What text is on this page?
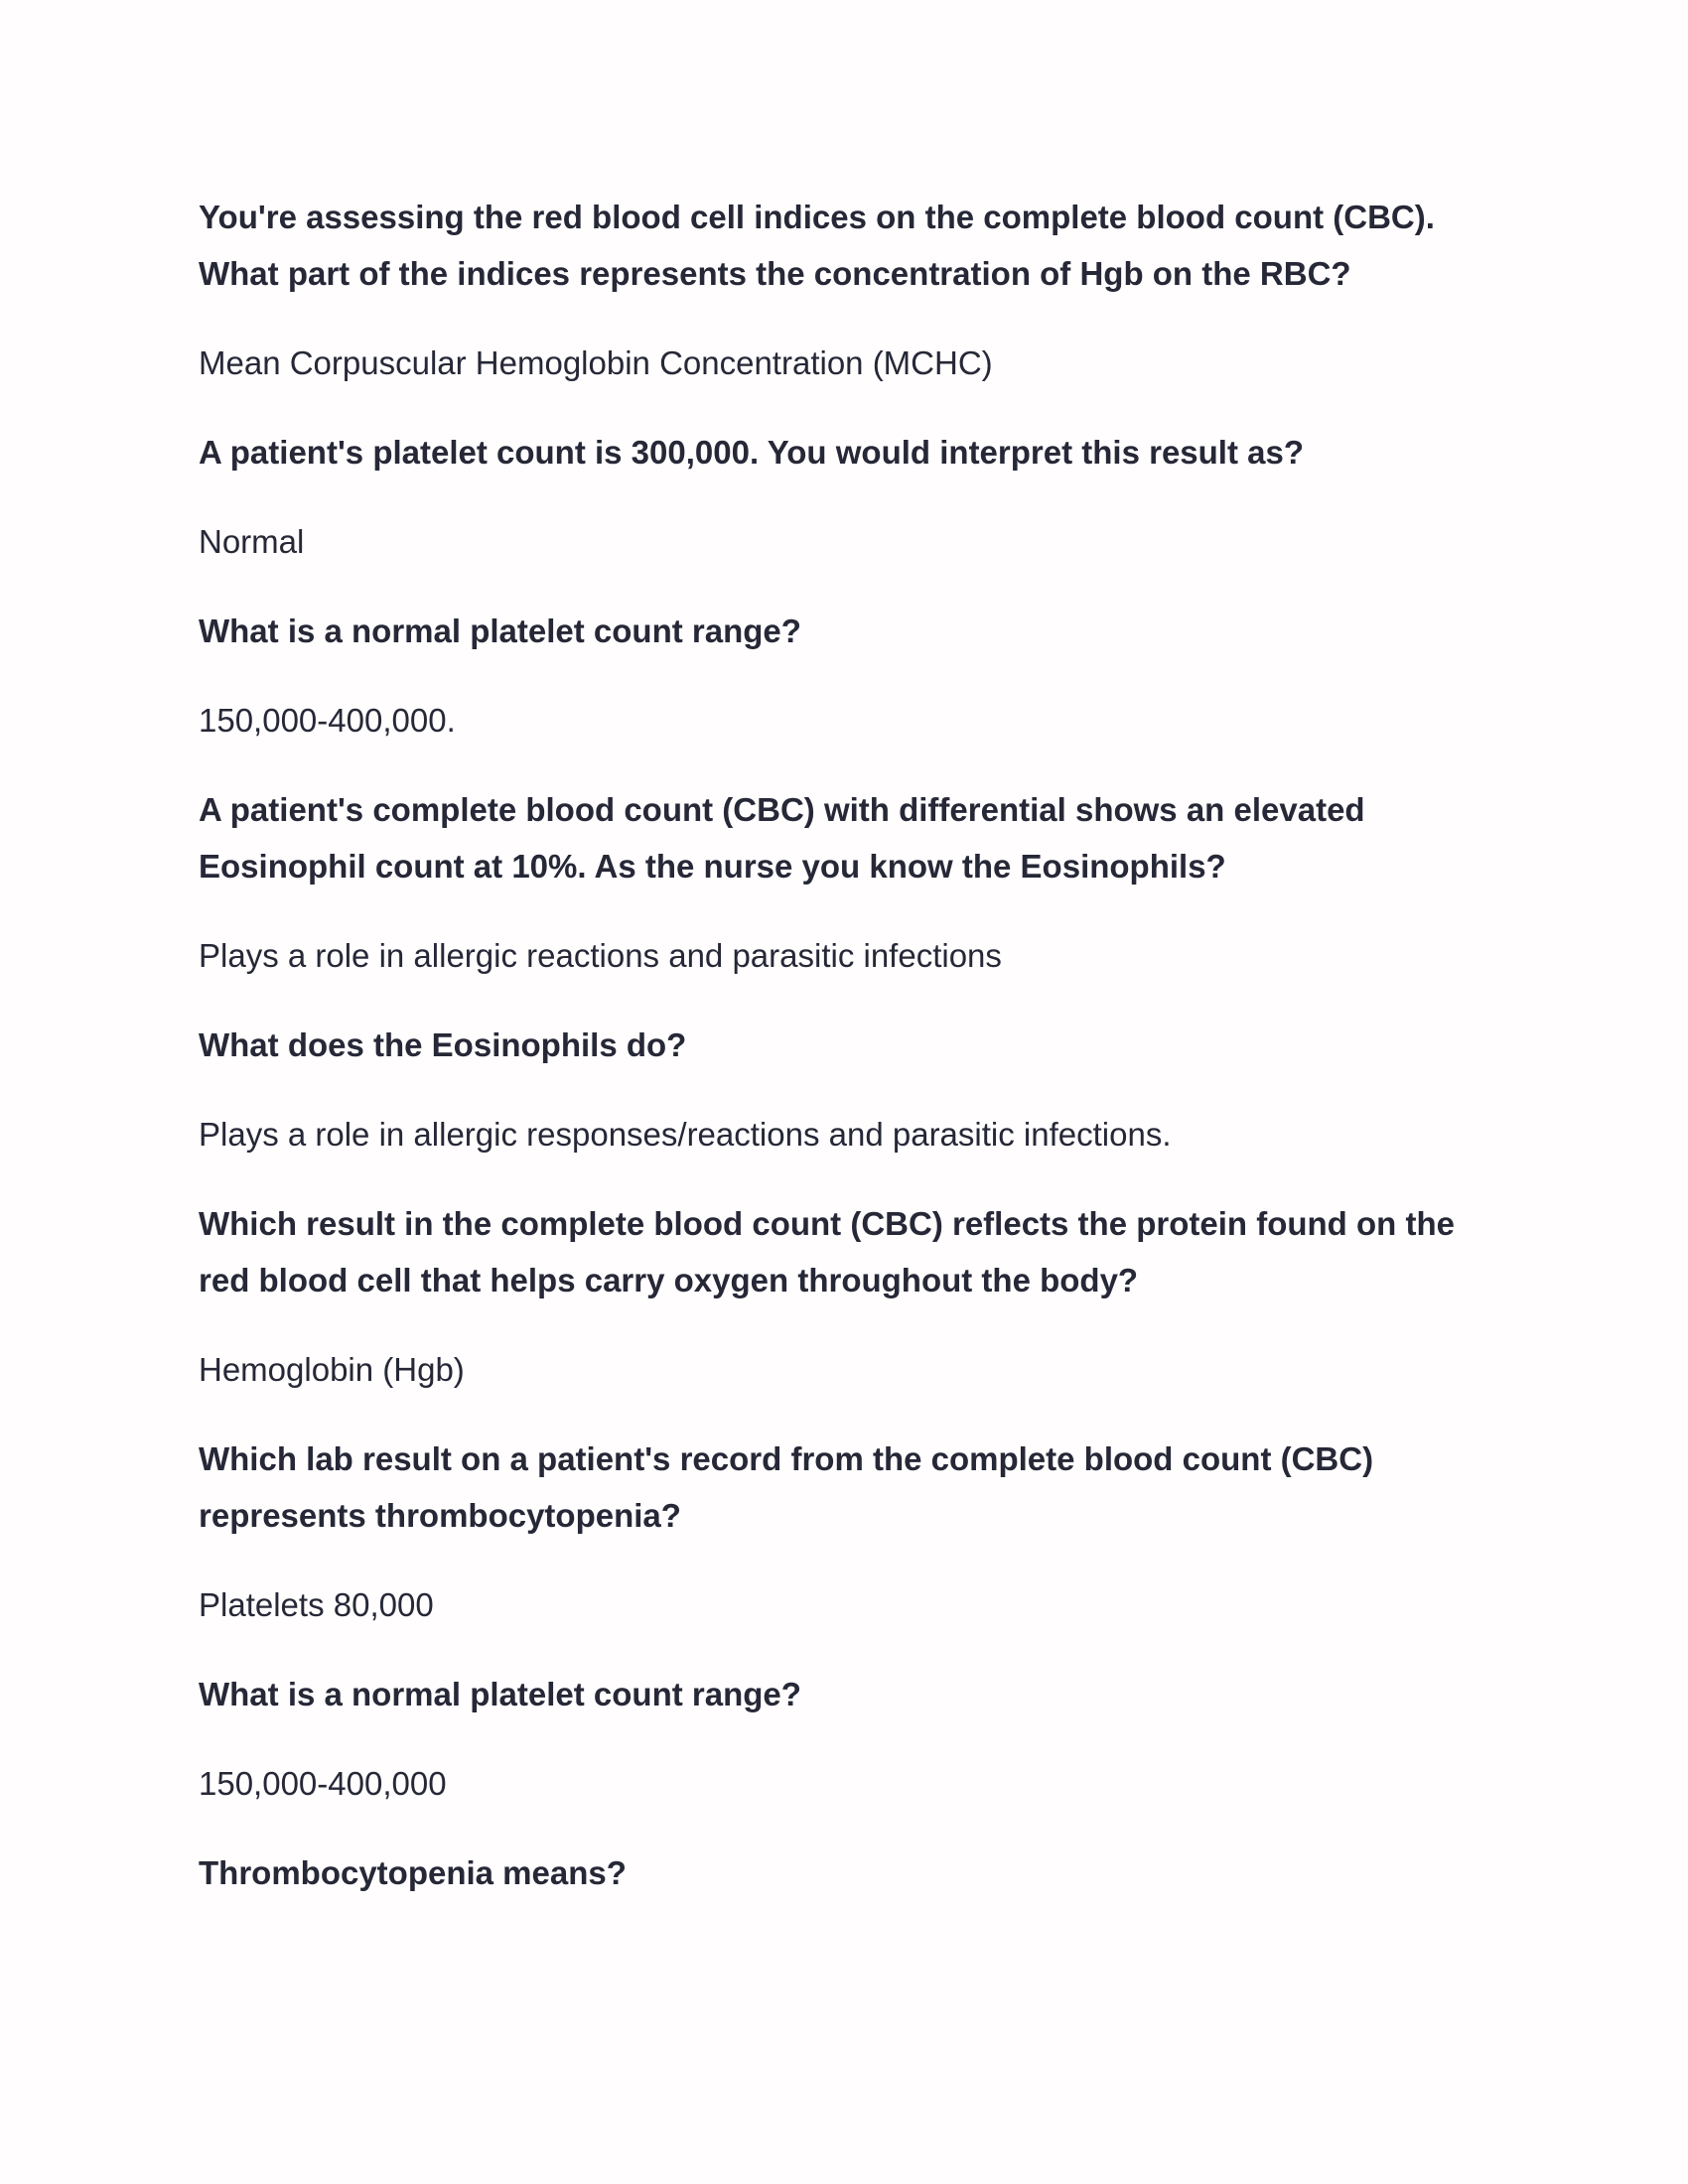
You're assessing the red blood cell indices on the complete blood count (CBC). What part of the indices represents the concentration of Hgb on the RBC?

Mean Corpuscular Hemoglobin Concentration (MCHC)

A patient's platelet count is 300,000. You would interpret this result as?

Normal

What is a normal platelet count range?

150,000-400,000.

A patient's complete blood count (CBC) with differential shows an elevated Eosinophil count at 10%. As the nurse you know the Eosinophils?

Plays a role in allergic reactions and parasitic infections

What does the Eosinophils do?

Plays a role in allergic responses/reactions and parasitic infections.

Which result in the complete blood count (CBC) reflects the protein found on the red blood cell that helps carry oxygen throughout the body?

Hemoglobin (Hgb)

Which lab result on a patient's record from the complete blood count (CBC) represents thrombocytopenia?

Platelets 80,000

What is a normal platelet count range?

150,000-400,000

Thrombocytopenia means?
